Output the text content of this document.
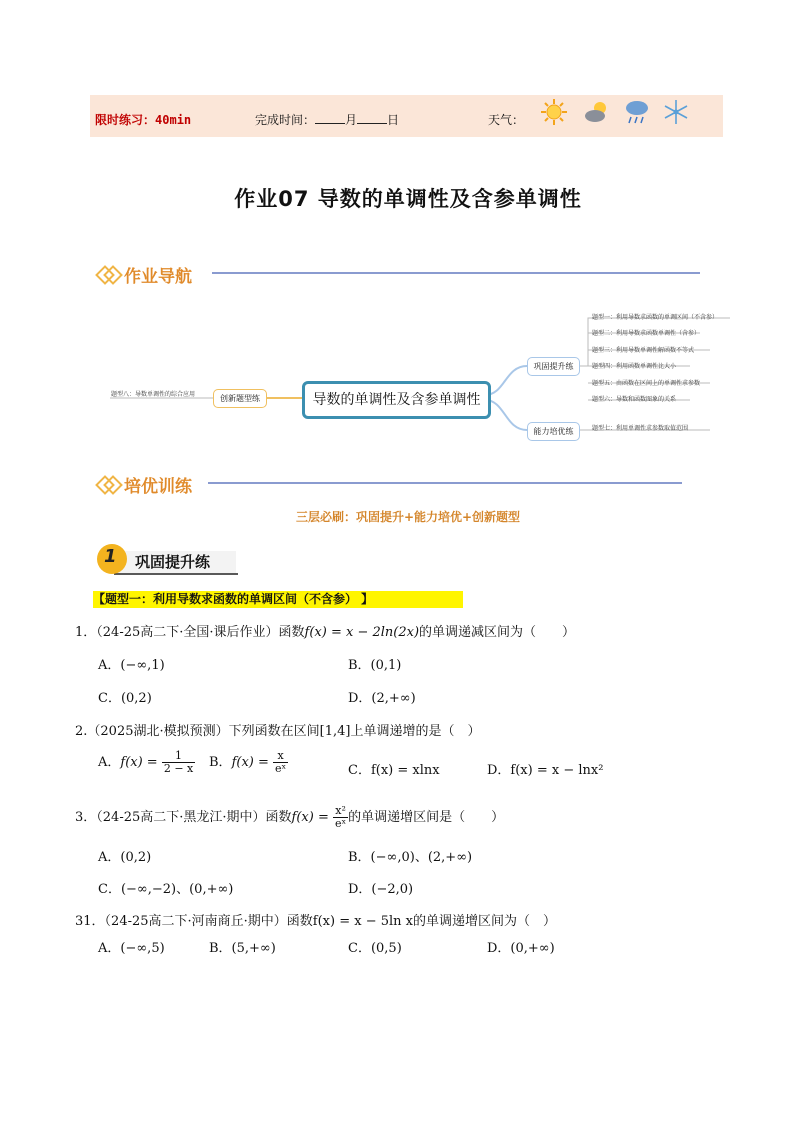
限时练习：40min	完成时间：	月	日	天气：
作业07 导数的单调性及含参单调性
作业导航
导数的单调性及含参单调性
创新题型练
题型八：导数单调性的综合应用
巩固提升练
能力培优练
题型一：利用导数求函数的单调区间（不含参）
题型二：利用导数求函数单调性（含参）
题型三：利用导数单调性解函数不等式
题型四：利用函数单调性比大小
题型五：由函数在区间上的单调性求参数
题型六：导数和函数图象的关系
题型七：利用单调性求参数取值范围
培优训练
三层必刷：巩固提升+能力培优+创新题型
1 巩固提升练
【题型一：利用导数求函数的单调区间（不含参） 】
1．（24-25高二下·全国·课后作业）函数f(x) = x − 2ln(2x)的单调递减区间为（　　）
A．(−∞,1)	B．(0,1)
C．(0,2)	D．(2,+∞)
2.（2025湖北·模拟预测）下列函数在区间[1,4]上单调递增的是（　）
A．$f(x) = \frac{1}{2 - x}$ B．$f(x) = \frac{x}{\text{eˣ}}$	C．f(x) = xlnx	D．f(x) = x − lnx²
3．（24-25高二下·黑龙江·期中）函数$f(x) = \frac{\text{x²}}{\text{eˣ}}$ 的单调递增区间是（　　）
A．(0,2)	B．(−∞,0)、(2,+∞)
C．(−∞,−2)、(0,+∞)	D．(−2,0)
31．（24-25高二下·河南商丘·期中）函数f(x) = x − 5ln x的单调递增区间为（　）
A．(−∞,5)	B．(5,+∞)	C．(0,5)	D．(0,+∞)
